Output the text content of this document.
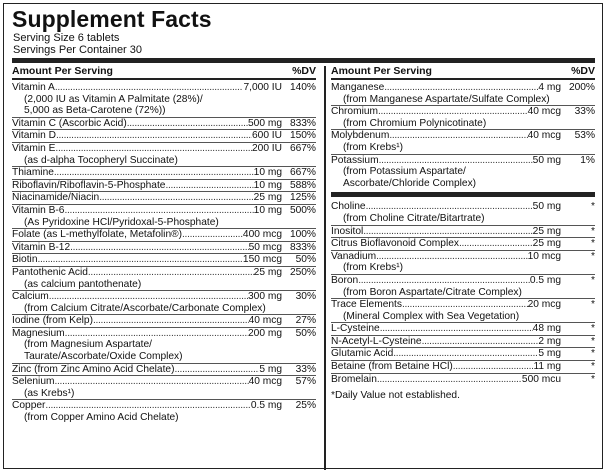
Supplement Facts
Serving Size 6 tablets
Servings Per Container 30
Amount Per Serving	%DV
Vitamin A .....	7,000 IU 140%
(2,000 IU as Vitamin A Palmitate (28%)/
5,000 as Beta-Carotene (72%))
Vitamin C (Ascorbic Acid) .....	500 mg 833%
Vitamin D .....	600 IU 150%
Vitamin E .....	200 IU 667%
(as d-alpha Tocopheryl Succinate)
Thiamine .....	10 mg 667%
Riboflavin/Riboflavin-5-Phosphate .....	10 mg 588%
Niacinamide/Niacin .....	25 mg 125%
Vitamin B-6 .....	10 mg 500%
(As Pyridoxine HCl/Pyridoxal-5-Phosphate)
Folate (as L-methylfolate, Metafolin®) .....	400 mcg 100%
Vitamin B-12 .....	50 mcg 833%
Biotin .....	150 mcg	50%
Pantothenic Acid .....	25 mg 250%
(as calcium pantothenate)
Calcium .....	300 mg	30%
(from Calcium Citrate/Ascorbate/Carbonate Complex)
Iodine (from Kelp) .....	40 mcg	27%
Magnesium .....	200 mg	50%
(from Magnesium Aspartate/
Taurate/Ascorbate/Oxide Complex)
Zinc (from Zinc Amino Acid Chelate) .....	5 mg	33%
Selenium .....	40 mcg	57%
(as Krebs¹)
Copper .....	0.5 mg	25%
(from Copper Amino Acid Chelate)
Amount Per Serving	%DV
Manganese .....	4 mg 200%
(from Manganese Aspartate/Sulfate Complex)
Chromium .....	40 mcg	33%
(from Chromium Polynicotinate)
Molybdenum .....	40 mcg	53%
(from Krebs¹)
Potassium .....	50 mg	1%
(from Potassium Aspartate/
Ascorbate/Chloride Complex)
Choline .....	50 mg	*
(from Choline Citrate/Bitartrate)
Inositol .....	25 mg	*
Citrus Bioflavonoid Complex .....	25 mg	*
Vanadium .....	10 mcg	*
(from Krebs¹)
Boron .....	0.5 mg	*
(from Boron Aspartate/Citrate Complex)
Trace Elements .....	20 mcg	*
(Mineral Complex with Sea Vegetation)
L-Cysteine .....	48 mg	*
N-Acetyl-L-Cysteine .....	2 mg	*
Glutamic Acid .....	5 mg	*
Betaine (from Betaine HCl) .....	11 mg	*
Bromelain .....	500 mcu	*
*Daily Value not established.
